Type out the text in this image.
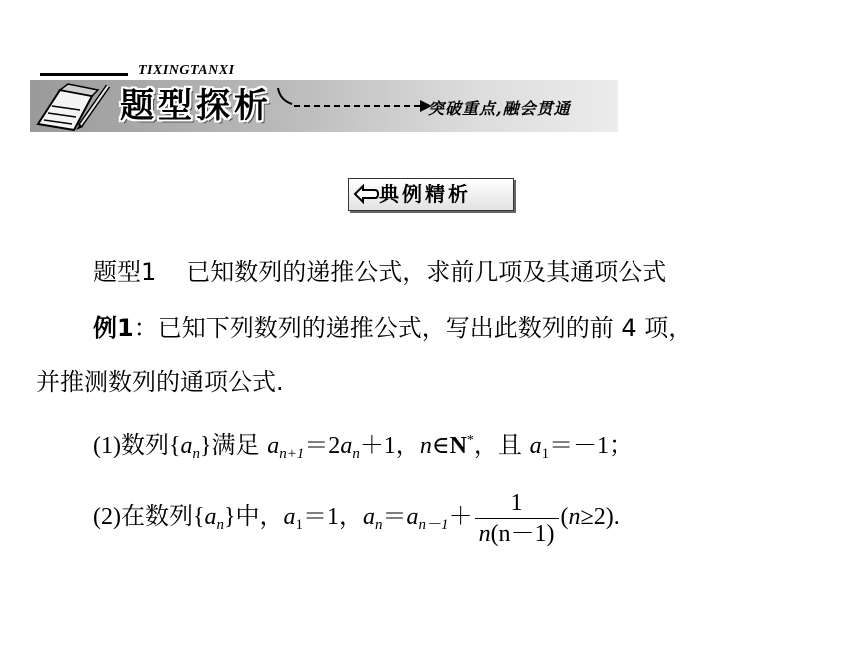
TIXINGTANXI
题型探析	突破重点,融会贯通
典例精析
题型1 已知数列的递推公式，求前几项及其通项公式
例1：已知下列数列的递推公式，写出此数列的前 4 项，
并推测数列的通项公式.
(1)数列$\{a_n\}$满足 $a_{n+1}=2a_n+1$，n∈N*，且 $a_1=-1$；
(2)在数列$\{a_n\}$中，$a_1=1$，$a_n=a_{n-1}+ \frac{1}{n(n-1)} (n\ge 2)$.
